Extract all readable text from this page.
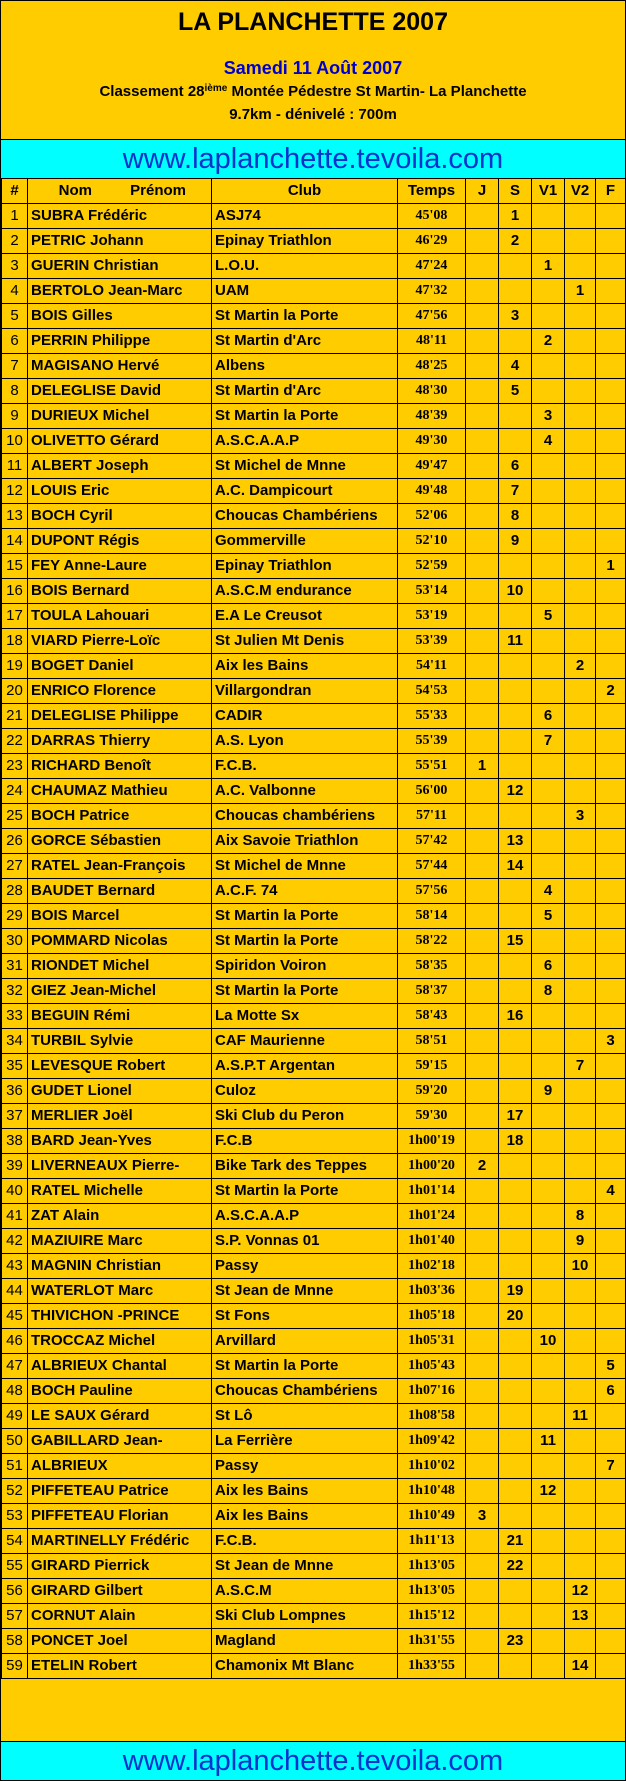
LA PLANCHETTE 2007
Samedi 11 Août 2007
Classement 28ième Montée Pédestre St Martin- La Planchette
9.7km - dénivelé : 700m
www.laplanchette.tevoila.com
#	Nom Prénom	Club	Temps	J	S	V1	V2	F
1	SUBRA Frédéric	ASJ74	45'08		1			
2	PETRIC Johann	Epinay Triathlon	46'29		2			
3	GUERIN Christian	L.O.U.	47'24			1		
4	BERTOLO Jean-Marc	UAM	47'32				1	
5	BOIS Gilles	St Martin la Porte	47'56		3			
6	PERRIN Philippe	St Martin d'Arc	48'11			2		
7	MAGISANO Hervé	Albens	48'25		4			
8	DELEGLISE David	St Martin d'Arc	48'30		5			
9	DURIEUX Michel	St Martin la Porte	48'39			3		
10	OLIVETTO Gérard	A.S.C.A.A.P	49'30			4		
11	ALBERT Joseph	St Michel de Mnne	49'47		6			
12	LOUIS Eric	A.C. Dampicourt	49'48		7			
13	BOCH Cyril	Choucas Chambériens	52'06		8			
14	DUPONT Régis	Gommerville	52'10		9			
15	FEY Anne-Laure	Epinay Triathlon	52'59					1
16	BOIS Bernard	A.S.C.M endurance	53'14		10			
17	TOULA Lahouari	E.A Le Creusot	53'19			5		
18	VIARD Pierre-Loïc	St Julien Mt Denis	53'39		11			
19	BOGET Daniel	Aix les Bains	54'11				2	
20	ENRICO Florence	Villargondran	54'53					2
21	DELEGLISE Philippe	CADIR	55'33			6		
22	DARRAS Thierry	A.S. Lyon	55'39			7		
23	RICHARD Benoît	F.C.B.	55'51	1				
24	CHAUMAZ Mathieu	A.C. Valbonne	56'00		12			
25	BOCH Patrice	Choucas chambériens	57'11				3	
26	GORCE Sébastien	Aix Savoie Triathlon	57'42		13			
27	RATEL Jean-François	St Michel de Mnne	57'44		14			
28	BAUDET Bernard	A.C.F. 74	57'56			4		
29	BOIS Marcel	St Martin la Porte	58'14			5		
30	POMMARD Nicolas	St Martin la Porte	58'22		15			
31	RIONDET Michel	Spiridon Voiron	58'35			6		
32	GIEZ Jean-Michel	St Martin la Porte	58'37			8		
33	BEGUIN Rémi	La Motte Sx	58'43		16			
34	TURBIL Sylvie	CAF Maurienne	58'51					3
35	LEVESQUE Robert	A.S.P.T Argentan	59'15				7	
36	GUDET Lionel	Culoz	59'20			9		
37	MERLIER Joël	Ski Club du Peron	59'30		17			
38	BARD Jean-Yves	F.C.B	1h00'19		18			
39	LIVERNEAUX Pierre-	Bike Tark des Teppes	1h00'20	2				
40	RATEL Michelle	St Martin la Porte	1h01'14					4
41	ZAT Alain	A.S.C.A.A.P	1h01'24				8	
42	MAZIUIRE Marc	S.P. Vonnas 01	1h01'40				9	
43	MAGNIN Christian	Passy	1h02'18				10	
44	WATERLOT Marc	St Jean de Mnne	1h03'36		19			
45	THIVICHON -PRINCE	St Fons	1h05'18		20			
46	TROCCAZ Michel	Arvillard	1h05'31			10		
47	ALBRIEUX Chantal	St Martin la Porte	1h05'43					5
48	BOCH Pauline	Choucas Chambériens	1h07'16					6
49	LE SAUX Gérard	St Lô	1h08'58				11	
50	GABILLARD Jean-	La Ferrière	1h09'42			11		
51	ALBRIEUX	Passy	1h10'02					7
52	PIFFETEAU Patrice	Aix les Bains	1h10'48			12		
53	PIFFETEAU Florian	Aix les Bains	1h10'49	3				
54	MARTINELLY Frédéric	F.C.B.	1h11'13		21			
55	GIRARD Pierrick	St Jean de Mnne	1h13'05		22			
56	GIRARD Gilbert	A.S.C.M	1h13'05				12	
57	CORNUT Alain	Ski Club Lompnes	1h15'12				13	
58	PONCET Joel	Magland	1h31'55		23			
59	ETELIN Robert	Chamonix Mt Blanc	1h33'55				14	
www.laplanchette.tevoila.com
